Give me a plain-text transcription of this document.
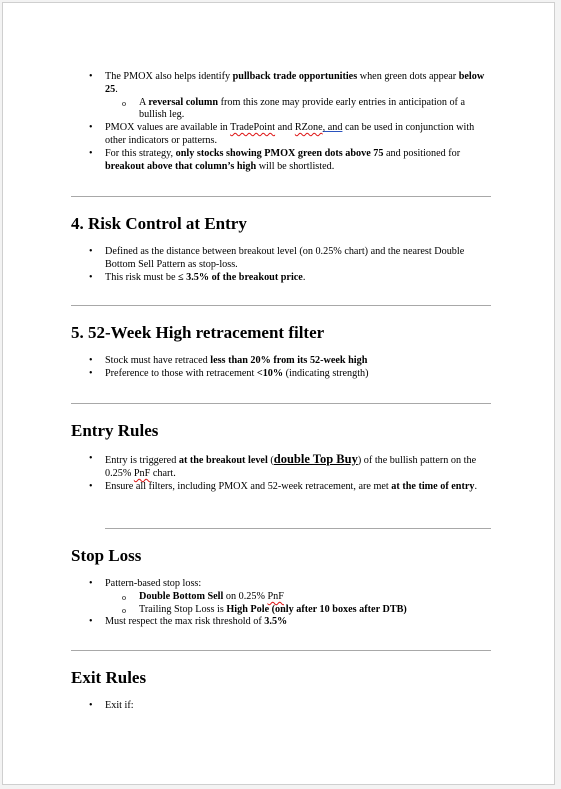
• The PMOX also helps identify pullback trade opportunities when green dots appear below 25.
o A reversal column from this zone may provide early entries in anticipation of a bullish leg.
• PMOX values are available in TradePoint and RZone, and can be used in conjunction with other indicators or patterns.
• For this strategy, only stocks showing PMOX green dots above 75 and positioned for breakout above that column’s high will be shortlisted.
4. Risk Control at Entry
• Defined as the distance between breakout level (on 0.25% chart) and the nearest Double Bottom Sell Pattern as stop-loss.
• This risk must be ≤ 3.5% of the breakout price.
5. 52-Week High retracement filter
• Stock must have retraced less than 20% from its 52-week high
• Preference to those with retracement <10% (indicating strength)
Entry Rules
• Entry is triggered at the breakout level (double Top Buy) of the bullish pattern on the 0.25% PnF chart.
• Ensure all filters, including PMOX and 52-week retracement, are met at the time of entry.
Stop Loss
• Pattern-based stop loss:
o Double Bottom Sell on 0.25% PnF
o Trailing Stop Loss is High Pole (only after 10 boxes after DTB)
• Must respect the max risk threshold of 3.5%
Exit Rules
• Exit if:
